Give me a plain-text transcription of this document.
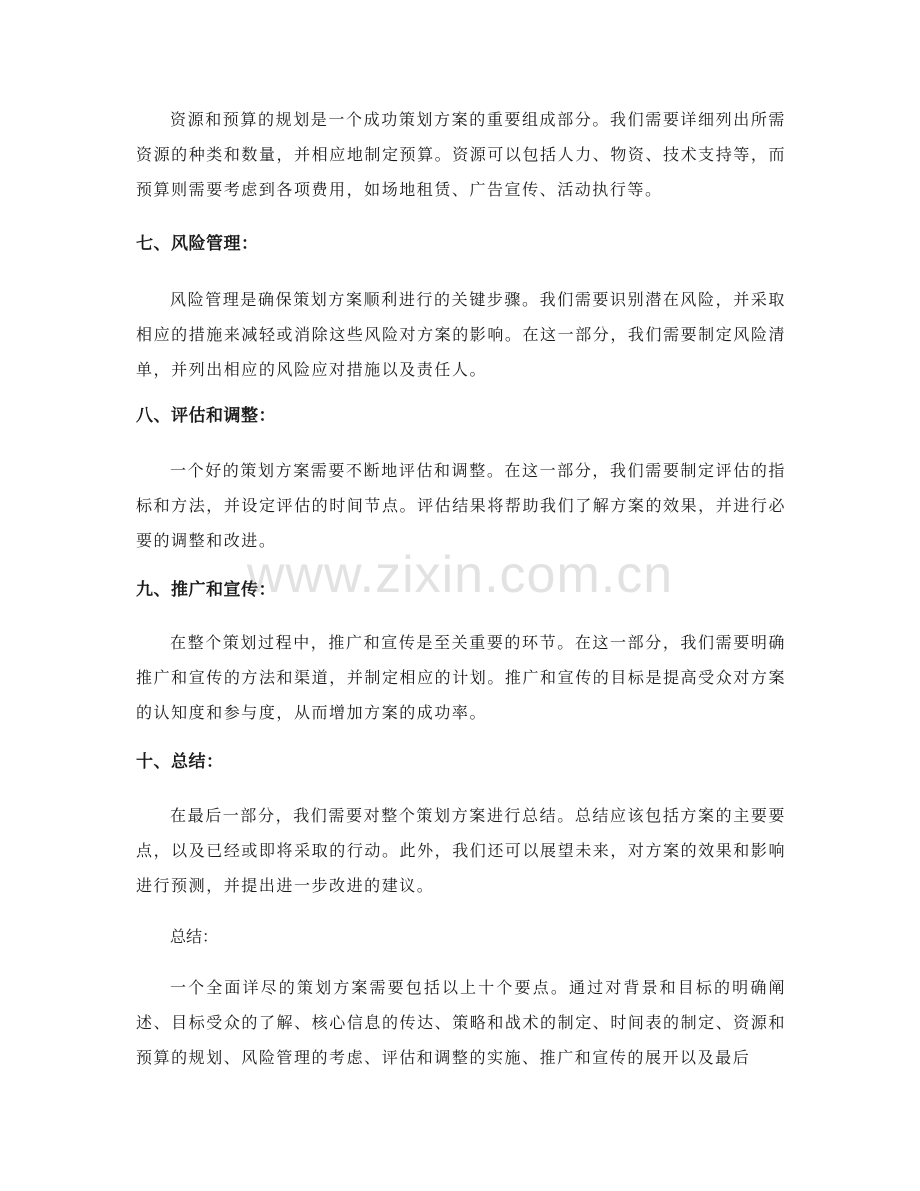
资源和预算的规划是一个成功策划方案的重要组成部分。我们需要详细列出所需资源的种类和数量，并相应地制定预算。资源可以包括人力、物资、技术支持等，而预算则需要考虑到各项费用，如场地租赁、广告宣传、活动执行等。

七、风险管理：

风险管理是确保策划方案顺利进行的关键步骤。我们需要识别潜在风险，并采取相应的措施来减轻或消除这些风险对方案的影响。在这一部分，我们需要制定风险清单，并列出相应的风险应对措施以及责任人。

八、评估和调整：

一个好的策划方案需要不断地评估和调整。在这一部分，我们需要制定评估的指标和方法，并设定评估的时间节点。评估结果将帮助我们了解方案的效果，并进行必要的调整和改进。

九、推广和宣传：

在整个策划过程中，推广和宣传是至关重要的环节。在这一部分，我们需要明确推广和宣传的方法和渠道，并制定相应的计划。推广和宣传的目标是提高受众对方案的认知度和参与度，从而增加方案的成功率。

十、总结：

在最后一部分，我们需要对整个策划方案进行总结。总结应该包括方案的主要要点，以及已经或即将采取的行动。此外，我们还可以展望未来，对方案的效果和影响进行预测，并提出进一步改进的建议。

总结：

一个全面详尽的策划方案需要包括以上十个要点。通过对背景和目标的明确阐述、目标受众的了解、核心信息的传达、策略和战术的制定、时间表的制定、资源和预算的规划、风险管理的考虑、评估和调整的实施、推广和宣传的展开以及最后

www.zixin.com.cn
